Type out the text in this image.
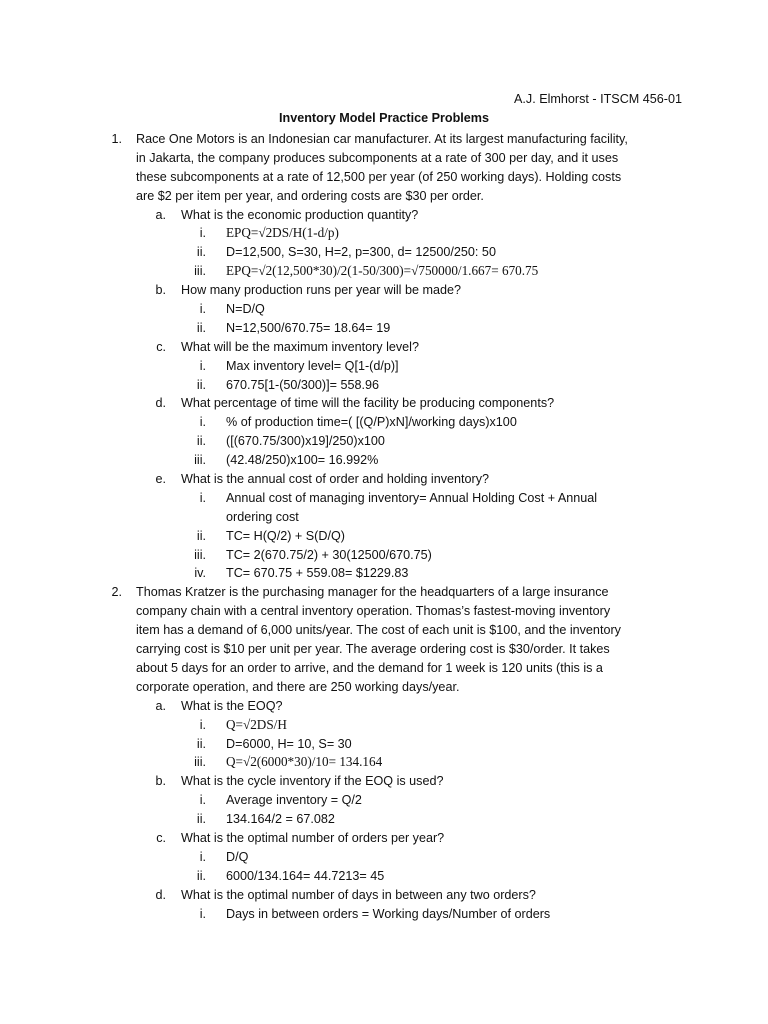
A.J. Elmhorst - ITSCM 456-01
Inventory Model Practice Problems
1. Race One Motors is an Indonesian car manufacturer. At its largest manufacturing facility,
in Jakarta, the company produces subcomponents at a rate of 300 per day, and it uses
these subcomponents at a rate of 12,500 per year (of 250 working days). Holding costs
are $2 per item per year, and ordering costs are $30 per order.
a. What is the economic production quantity?
i. EPQ=√2DS/H(1-d/p)
ii. D=12,500, S=30, H=2, p=300, d= 12500/250: 50
iii. EPQ=√2(12,500*30)/2(1-50/300)=√750000/1.667= 670.75
b. How many production runs per year will be made?
i. N=D/Q
ii. N=12,500/670.75= 18.64= 19
c. What will be the maximum inventory level?
i. Max inventory level= Q[1-(d/p)]
ii. 670.75[1-(50/300)]= 558.96
d. What percentage of time will the facility be producing components?
i. % of production time=( [(Q/P)xN]/working days)x100
ii. ([(670.75/300)x19]/250)x100
iii. (42.48/250)x100= 16.992%
e. What is the annual cost of order and holding inventory?
i. Annual cost of managing inventory= Annual Holding Cost + Annual
ordering cost
ii. TC= H(Q/2) + S(D/Q)
iii. TC= 2(670.75/2) + 30(12500/670.75)
iv. TC= 670.75 + 559.08= $1229.83
2. Thomas Kratzer is the purchasing manager for the headquarters of a large insurance
company chain with a central inventory operation. Thomas’s fastest-moving inventory
item has a demand of 6,000 units/year. The cost of each unit is $100, and the inventory
carrying cost is $10 per unit per year. The average ordering cost is $30/order. It takes
about 5 days for an order to arrive, and the demand for 1 week is 120 units (this is a
corporate operation, and there are 250 working days/year.
a. What is the EOQ?
i. Q=√2DS/H
ii. D=6000, H= 10, S= 30
iii. Q=√2(6000*30)/10= 134.164
b. What is the cycle inventory if the EOQ is used?
i. Average inventory = Q/2
ii. 134.164/2 = 67.082
c. What is the optimal number of orders per year?
i. D/Q
ii. 6000/134.164= 44.7213= 45
d. What is the optimal number of days in between any two orders?
i. Days in between orders = Working days/Number of orders
